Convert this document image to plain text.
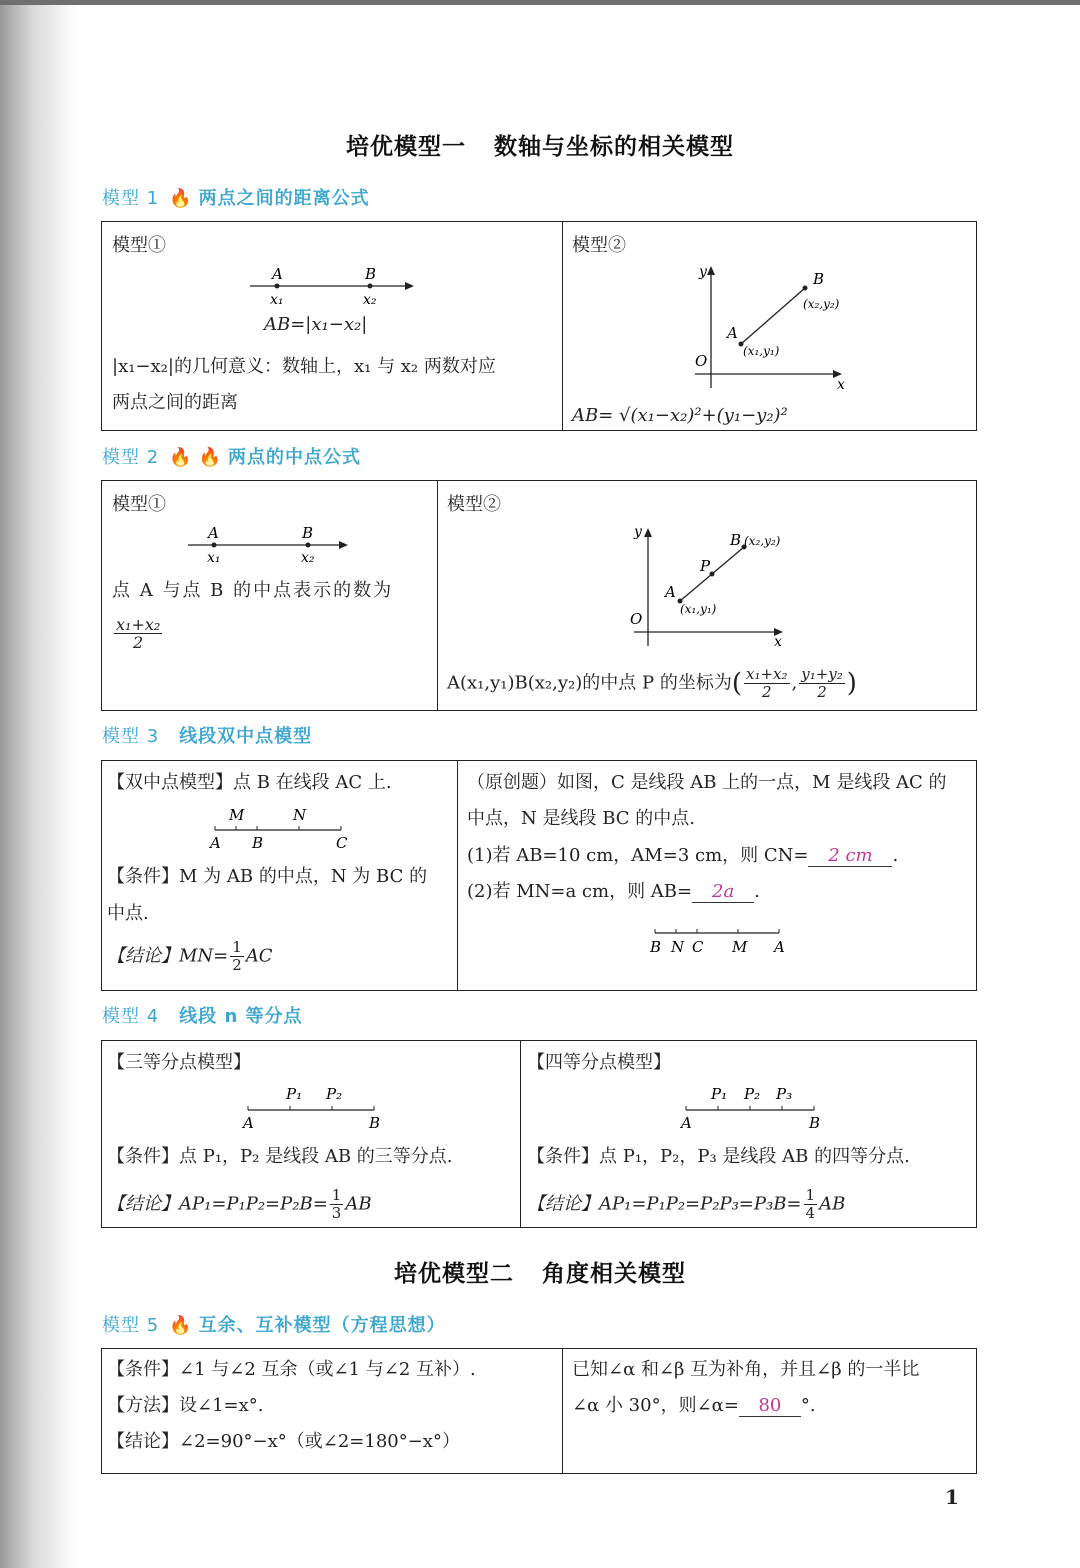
培优模型一 数轴与坐标的相关模型
模型 1 🔥 两点之间的距离公式
模型①
A	B
x₁	x₂
AB=|x₁−x₂|
|x₁−x₂|的几何意义：数轴上，x₁ 与 x₂ 两数对应
两点之间的距离
模型②
y
x
O
A
(x₁,y₁)
B
(x₂,y₂)
AB= √(x₁−x₂)²+(y₁−y₂)²
模型 2 🔥 🔥 两点的中点公式
模型①
A	B
x₁	x₂
点 A 与点 B 的中点表示的数为
$\frac{\text{x₁+x₂}}{2}$
模型②
y
x
O
A
(x₁,y₁)
P
B (x₂,y₂)
A(x₁,y₁)B(x₂,y₂)的中点 P 的坐标为( $\frac{\text{x₁+x₂}}{2}$ , $\frac{\text{y₁+y₂}}{2}$ )
模型 3 线段双中点模型
【双中点模型】点 B 在线段 AC 上.
M	N
A B	C
【条件】M 为 AB 的中点，N 为 BC 的
中点.
【结论】$MN= \frac{1}{2}$ AC
（原创题）如图，C 是线段 AB 上的一点，M 是线段 AC 的
中点，N 是线段 BC 的中点.
(1)若 AB=10 cm，AM=3 cm，则 CN= 2 cm .
(2)若 MN=a cm，则 AB= 2a .
B N C M A
模型 4 线段 n 等分点
【三等分点模型】
P₁ P₂
A	B
【条件】点 P₁，P₂ 是线段 AB 的三等分点.
【结论】$AP_1=P_1P_2=P_2B= \frac{1}{3}$ AB
【四等分点模型】
P₁ P₂ P₃
A	B
【条件】点 P₁，P₂，P₃ 是线段 AB 的四等分点.
【结论】$AP_1=P_1P_2=P_2P_3=P_3B= \frac{1}{4}$ AB
培优模型二 角度相关模型
模型 5 🔥 互余、互补模型（方程思想）
【条件】∠1 与∠2 互余（或∠1 与∠2 互补）.
【方法】设∠1=x°.
【结论】∠2=90°−x°（或∠2=180°−x°）
已知∠α 和∠β 互为补角，并且∠β 的一半比
∠α 小 30°，则∠α= 80 °.
1
